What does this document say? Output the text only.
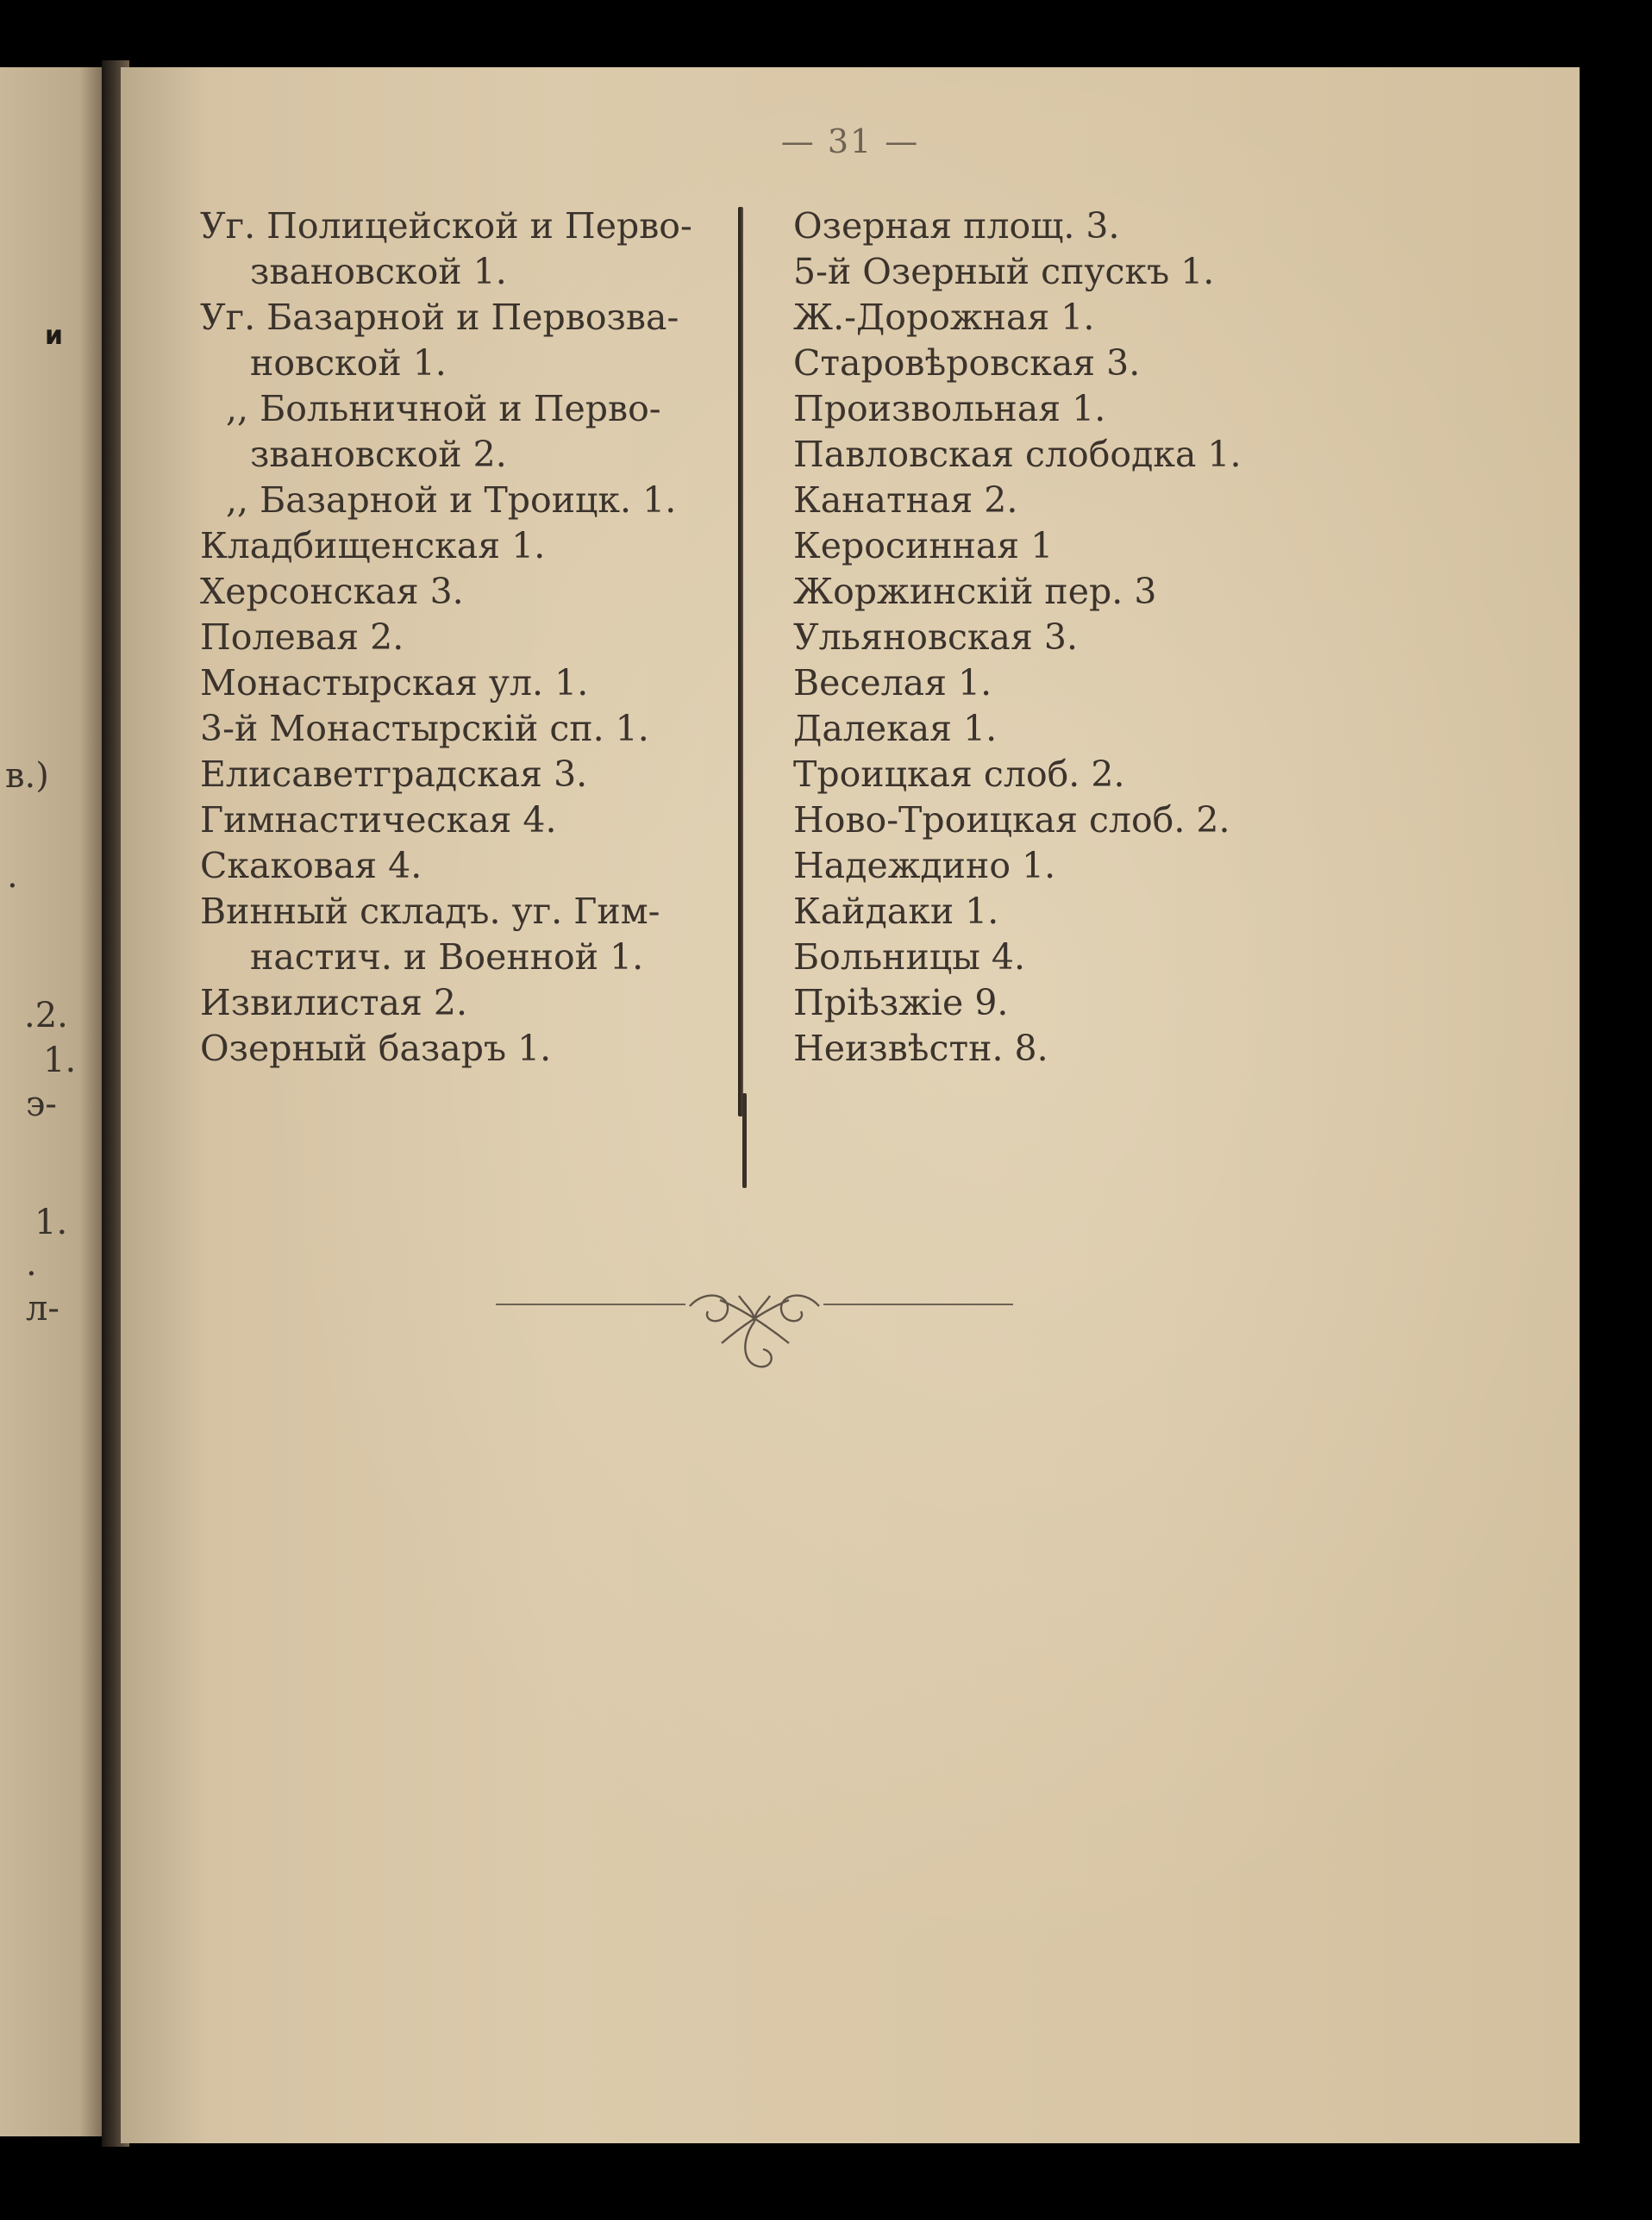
и
в.)
.
.2.
1.
э-
1.
.
л-
— 31 —
Уг. Полицейской и Перво-
звановской 1.
Уг. Базарной и Первозва-
новской 1.
,, Больничной и Перво-
звановской 2.
,, Базарной и Троицк. 1.
Кладбищенская 1.
Херсонская 3.
Полевая 2.
Монастырская ул. 1.
3-й Монастырскій сп. 1.
Елисаветградская 3.
Гимнастическая 4.
Скаковая 4.
Винный складъ. уг. Гим-
настич. и Военной 1.
Извилистая 2.
Озерный базаръ 1.
Озерная площ. 3.
5-й Озерный спускъ 1.
Ж.-Дорожная 1.
Старовѣровская 3.
Произвольная 1.
Павловская слободка 1.
Канатная 2.
Керосинная 1
Жоржинскій пер. 3
Ульяновская 3.
Веселая 1.
Далекая 1.
Троицкая слоб. 2.
Ново-Троицкая слоб. 2.
Надеждино 1.
Кайдаки 1.
Больницы 4.
Пріѣзжіе 9.
Неизвѣстн. 8.
